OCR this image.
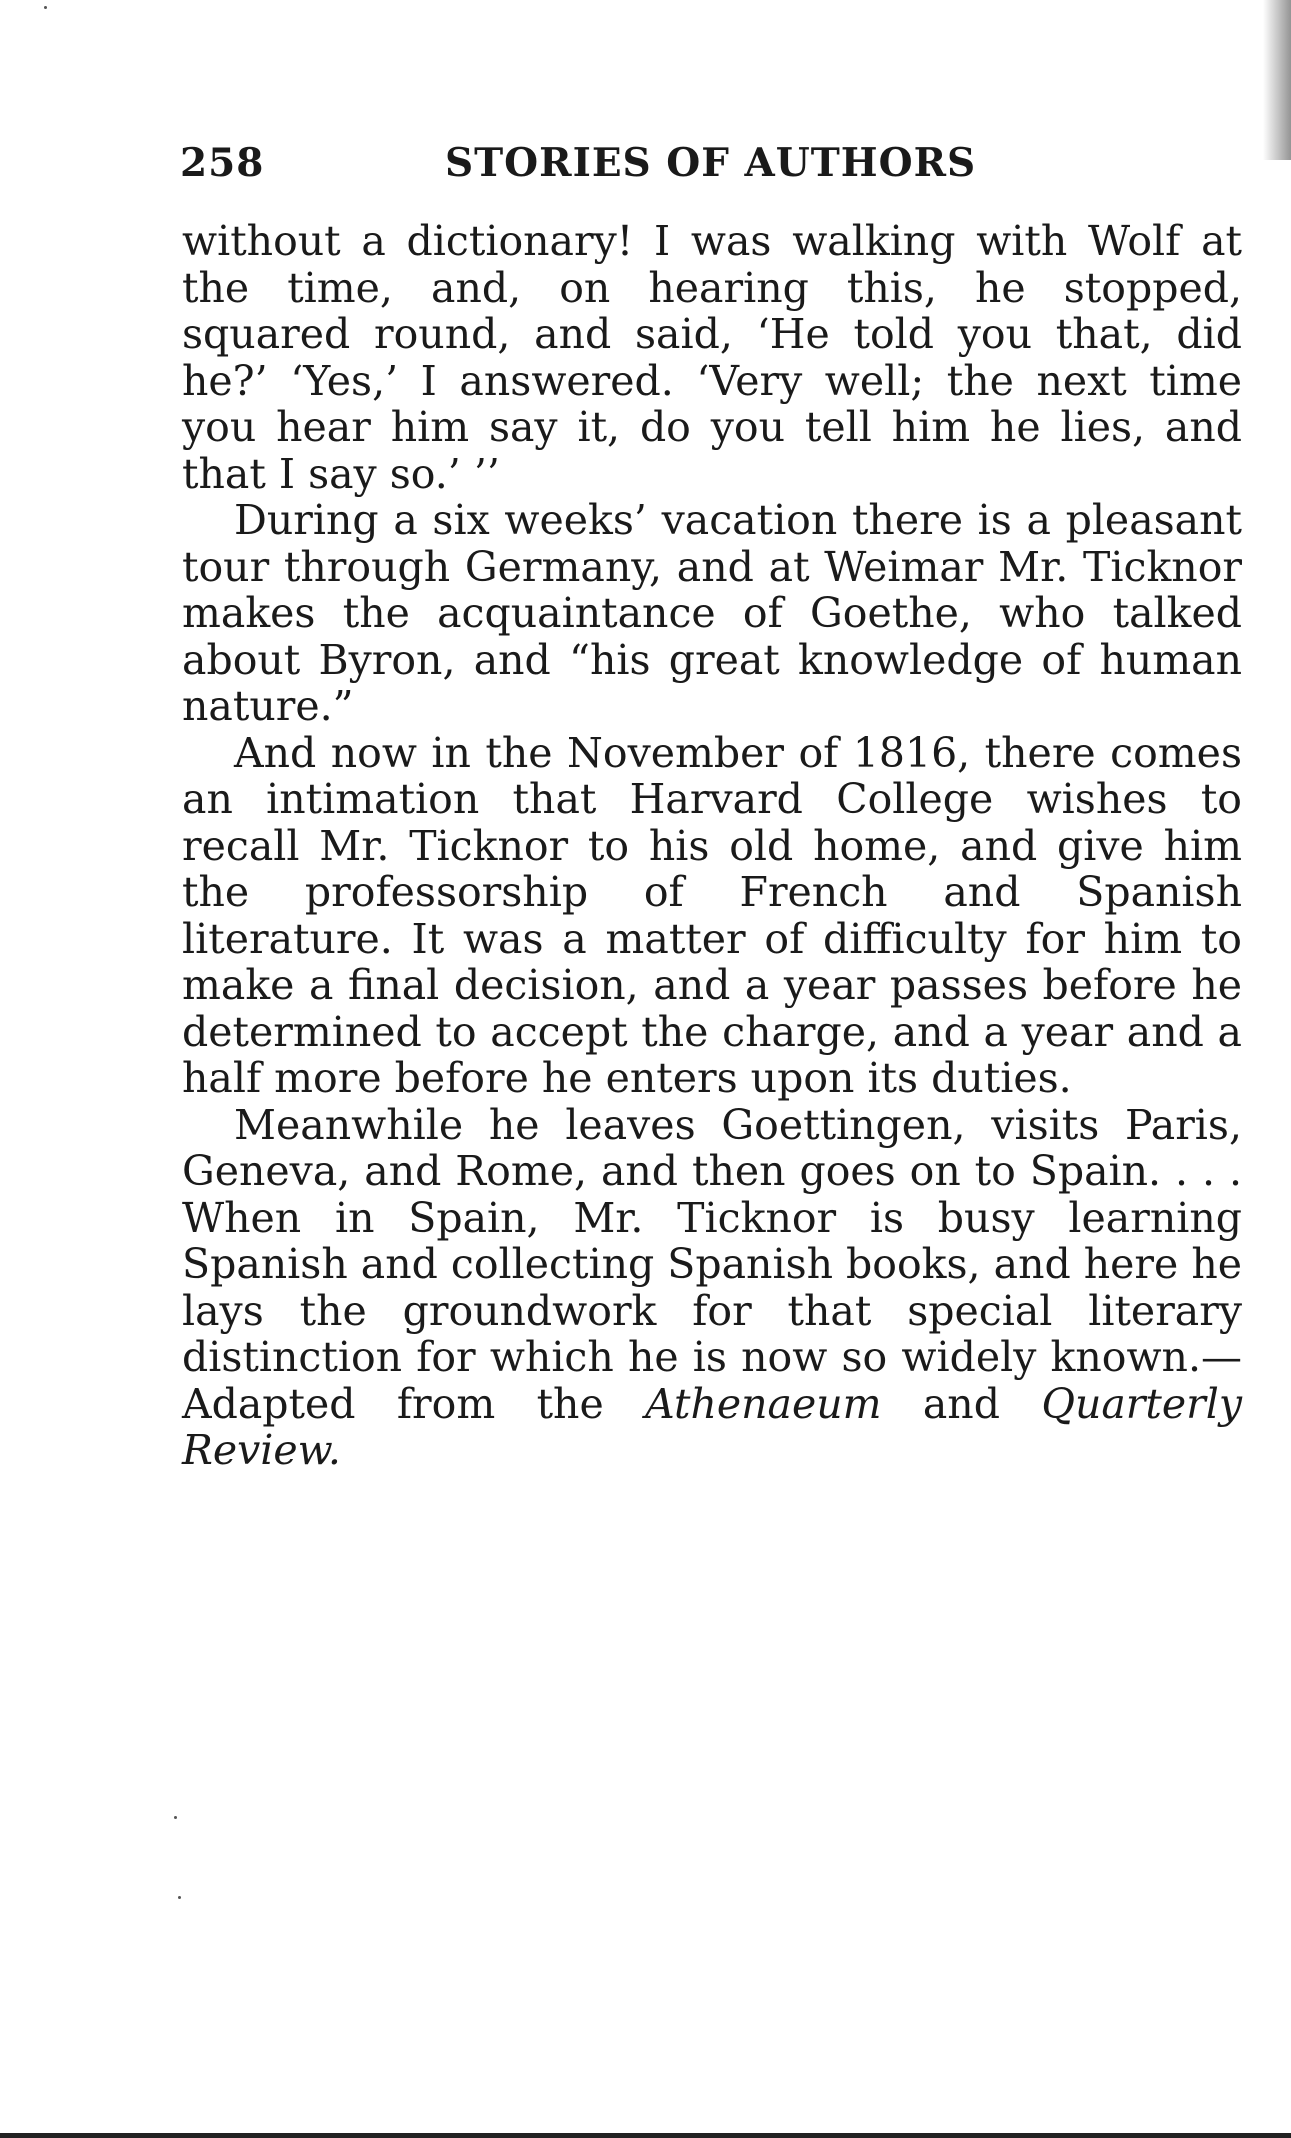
258	STORIES OF AUTHORS

without a dictionary! I was walking with Wolf at the time, and, on hearing this, he stopped, squared round, and said, ‘He told you that, did he?’ ‘Yes,’ I answered. ‘Very well; the next time you hear him say it, do you tell him he lies, and that I say so.’ ’’

During a six weeks’ vacation there is a pleasant tour through Germany, and at Weimar Mr. Ticknor makes the acquaintance of Goethe, who talked about Byron, and “his great knowledge of human nature.”

And now in the November of 1816, there comes an intimation that Harvard College wishes to recall Mr. Ticknor to his old home, and give him the professorship of French and Spanish literature. It was a matter of difficulty for him to make a final decision, and a year passes before he determined to accept the charge, and a year and a half more before he enters upon its duties.

Meanwhile he leaves Goettingen, visits Paris, Geneva, and Rome, and then goes on to Spain. . . . When in Spain, Mr. Ticknor is busy learning Spanish and collecting Spanish books, and here he lays the groundwork for that special literary distinction for which he is now so widely known.—Adapted from the Athenaeum and Quarterly Review.
